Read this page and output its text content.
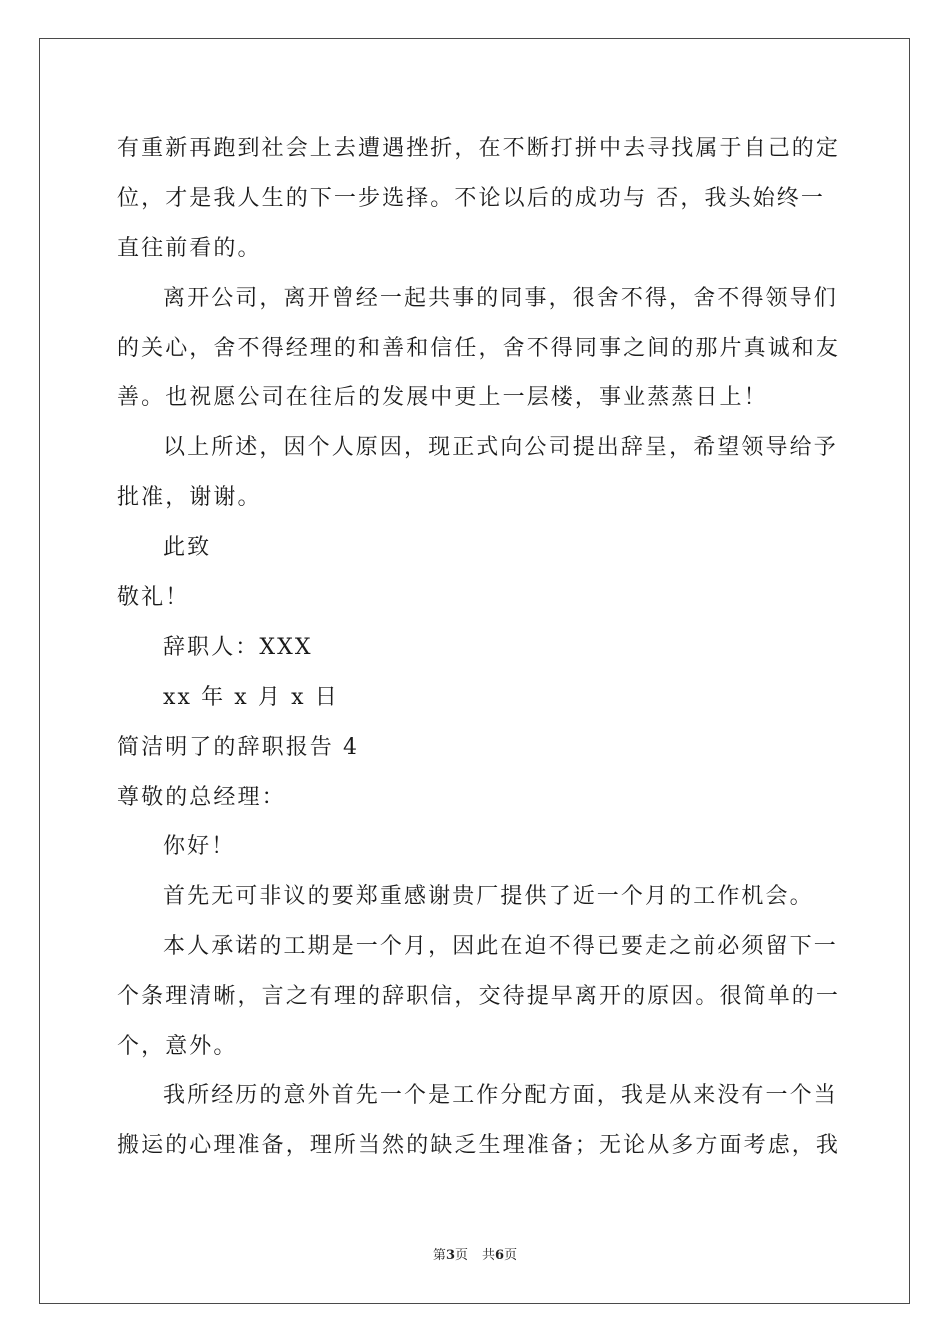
有重新再跑到社会上去遭遇挫折，在不断打拼中去寻找属于自己的定
位，才是我人生的下一步选择。不论以后的成功与 否，我头始终一
直往前看的。
离开公司，离开曾经一起共事的同事，很舍不得，舍不得领导们
的关心，舍不得经理的和善和信任，舍不得同事之间的那片真诚和友
善。也祝愿公司在往后的发展中更上一层楼，事业蒸蒸日上！
以上所述，因个人原因，现正式向公司提出辞呈，希望领导给予
批准，谢谢。
此致
敬礼！
辞职人：XXX
xx 年 x 月 x 日
简洁明了的辞职报告 4
尊敬的总经理：
你好！
首先无可非议的要郑重感谢贵厂提供了近一个月的工作机会。
本人承诺的工期是一个月，因此在迫不得已要走之前必须留下一
个条理清晰，言之有理的辞职信，交待提早离开的原因。很简单的一
个，意外。
我所经历的意外首先一个是工作分配方面，我是从来没有一个当
搬运的心理准备，理所当然的缺乏生理准备；无论从多方面考虑，我
第3页 共6页
